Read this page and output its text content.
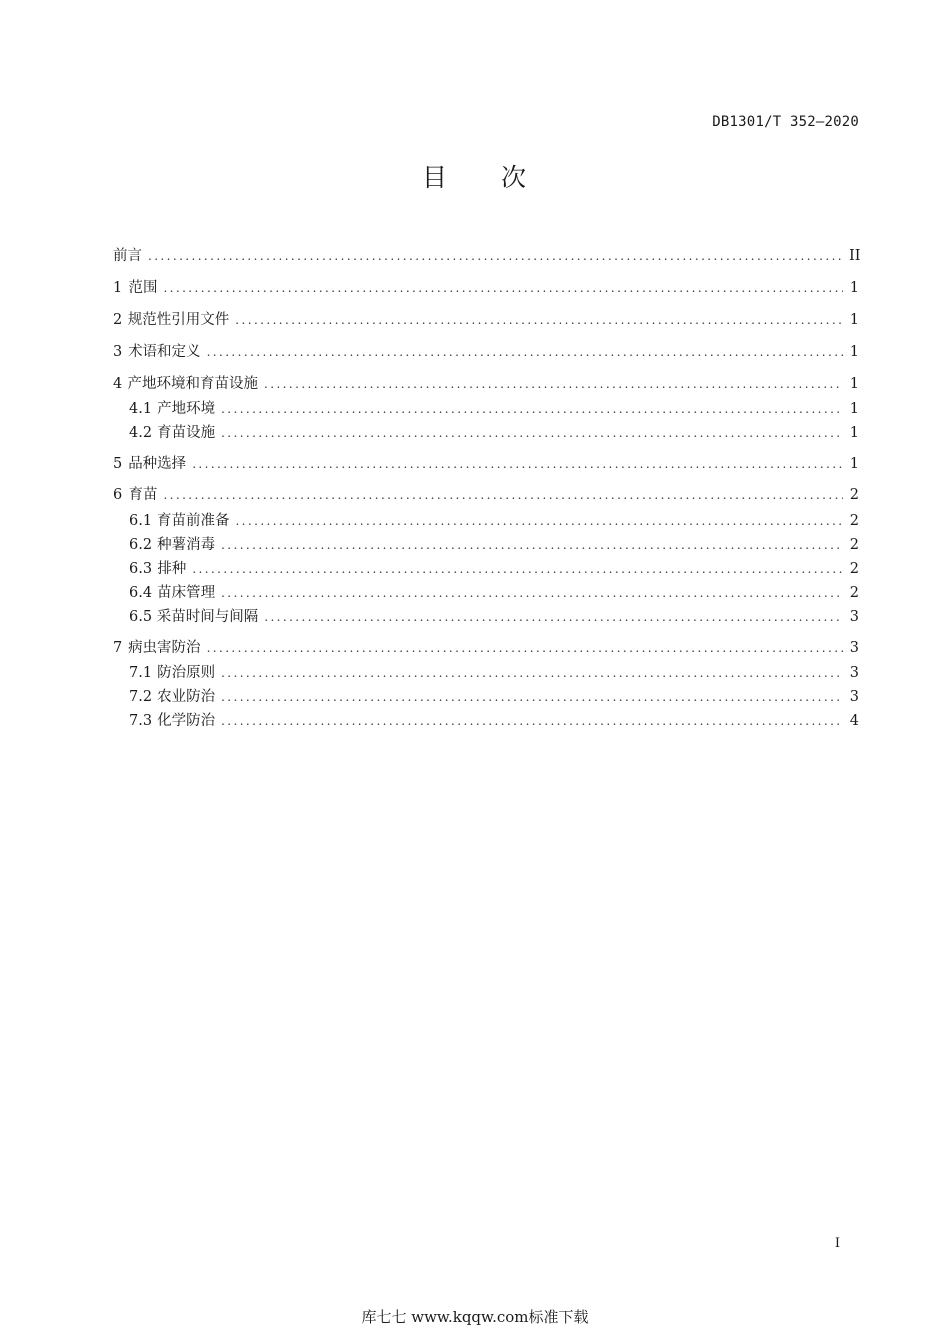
DB1301/T 352—2020
目 次
前言 .....	II
1 范围 .....	1
2 规范性引用文件 .....	1
3 术语和定义 .....	1
4 产地环境和育苗设施 .....	1
4.1 产地环境 .....	1
4.2 育苗设施 .....	1
5 品种选择 .....	1
6 育苗 .....	2
6.1 育苗前准备 .....	2
6.2 种薯消毒 .....	2
6.3 排种 .....	2
6.4 苗床管理 .....	2
6.5 采苗时间与间隔 .....	3
7 病虫害防治 .....	3
7.1 防治原则 .....	3
7.2 农业防治 .....	3
7.3 化学防治 .....	4
I
库七七 www.kqqw.com标准下载
